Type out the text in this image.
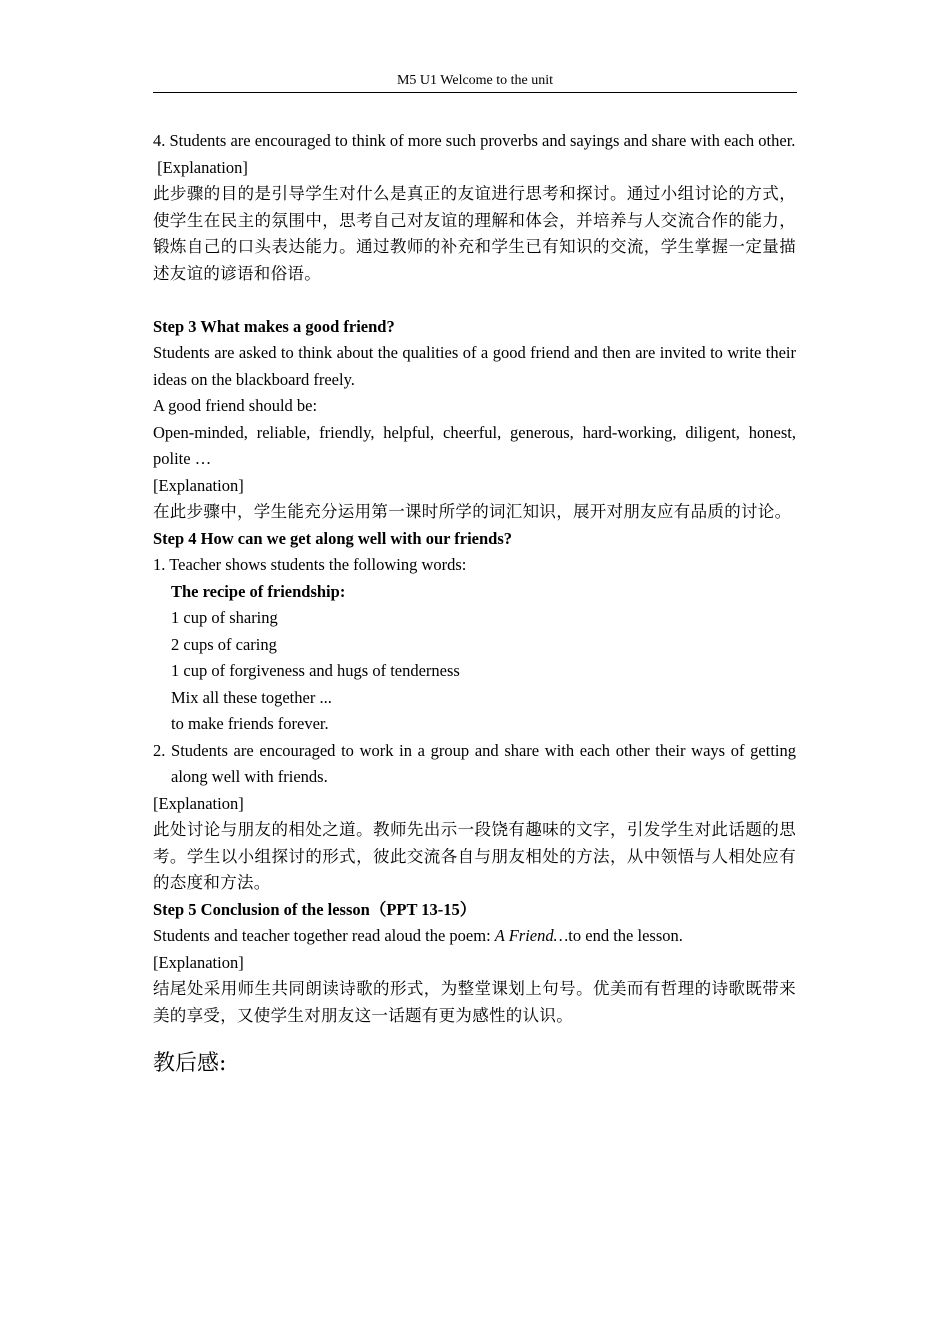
M5 U1 Welcome to the unit

4. Students are encouraged to think of more such proverbs and sayings and share with each other.

[Explanation]

此步骤的目的是引导学生对什么是真正的友谊进行思考和探讨。通过小组讨论的方式，使学生在民主的氛围中，思考自己对友谊的理解和体会，并培养与人交流合作的能力，锻炼自己的口头表达能力。通过教师的补充和学生已有知识的交流，学生掌握一定量描述友谊的谚语和俗语。

Step 3 What makes a good friend?

Students are asked to think about the qualities of a good friend and then are invited to write their ideas on the blackboard freely.

A good friend should be:

Open-minded, reliable, friendly, helpful, cheerful, generous, hard-working, diligent, honest, polite …

[Explanation]

在此步骤中，学生能充分运用第一课时所学的词汇知识，展开对朋友应有品质的讨论。

Step 4 How can we get along well with our friends?

1. Teacher shows students the following words:

The recipe of friendship:

1 cup of sharing

2 cups of caring

1 cup of forgiveness and hugs of tenderness

Mix all these together ...

to make friends forever.

2. Students are encouraged to work in a group and share with each other their ways of getting along well with friends.

[Explanation]

此处讨论与朋友的相处之道。教师先出示一段饶有趣味的文字，引发学生对此话题的思考。学生以小组探讨的形式，彼此交流各自与朋友相处的方法，从中领悟与人相处应有的态度和方法。

Step 5 Conclusion of the lesson（PPT 13-15）

Students and teacher together read aloud the poem: A Friend…to end the lesson.

[Explanation]

结尾处采用师生共同朗读诗歌的形式，为整堂课划上句号。优美而有哲理的诗歌既带来美的享受，又使学生对朋友这一话题有更为感性的认识。

教后感:
